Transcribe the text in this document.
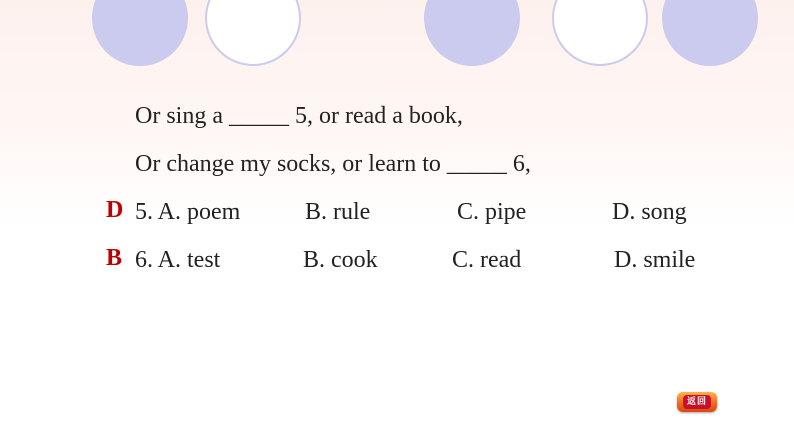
Or sing a _____ 5, or read a book,
Or change my socks, or learn to _____ 6,
D 5. A. poem	B. rule	C. pipe	D. song
B 6. A. test	B. cook	C. read	D. smile
返回
